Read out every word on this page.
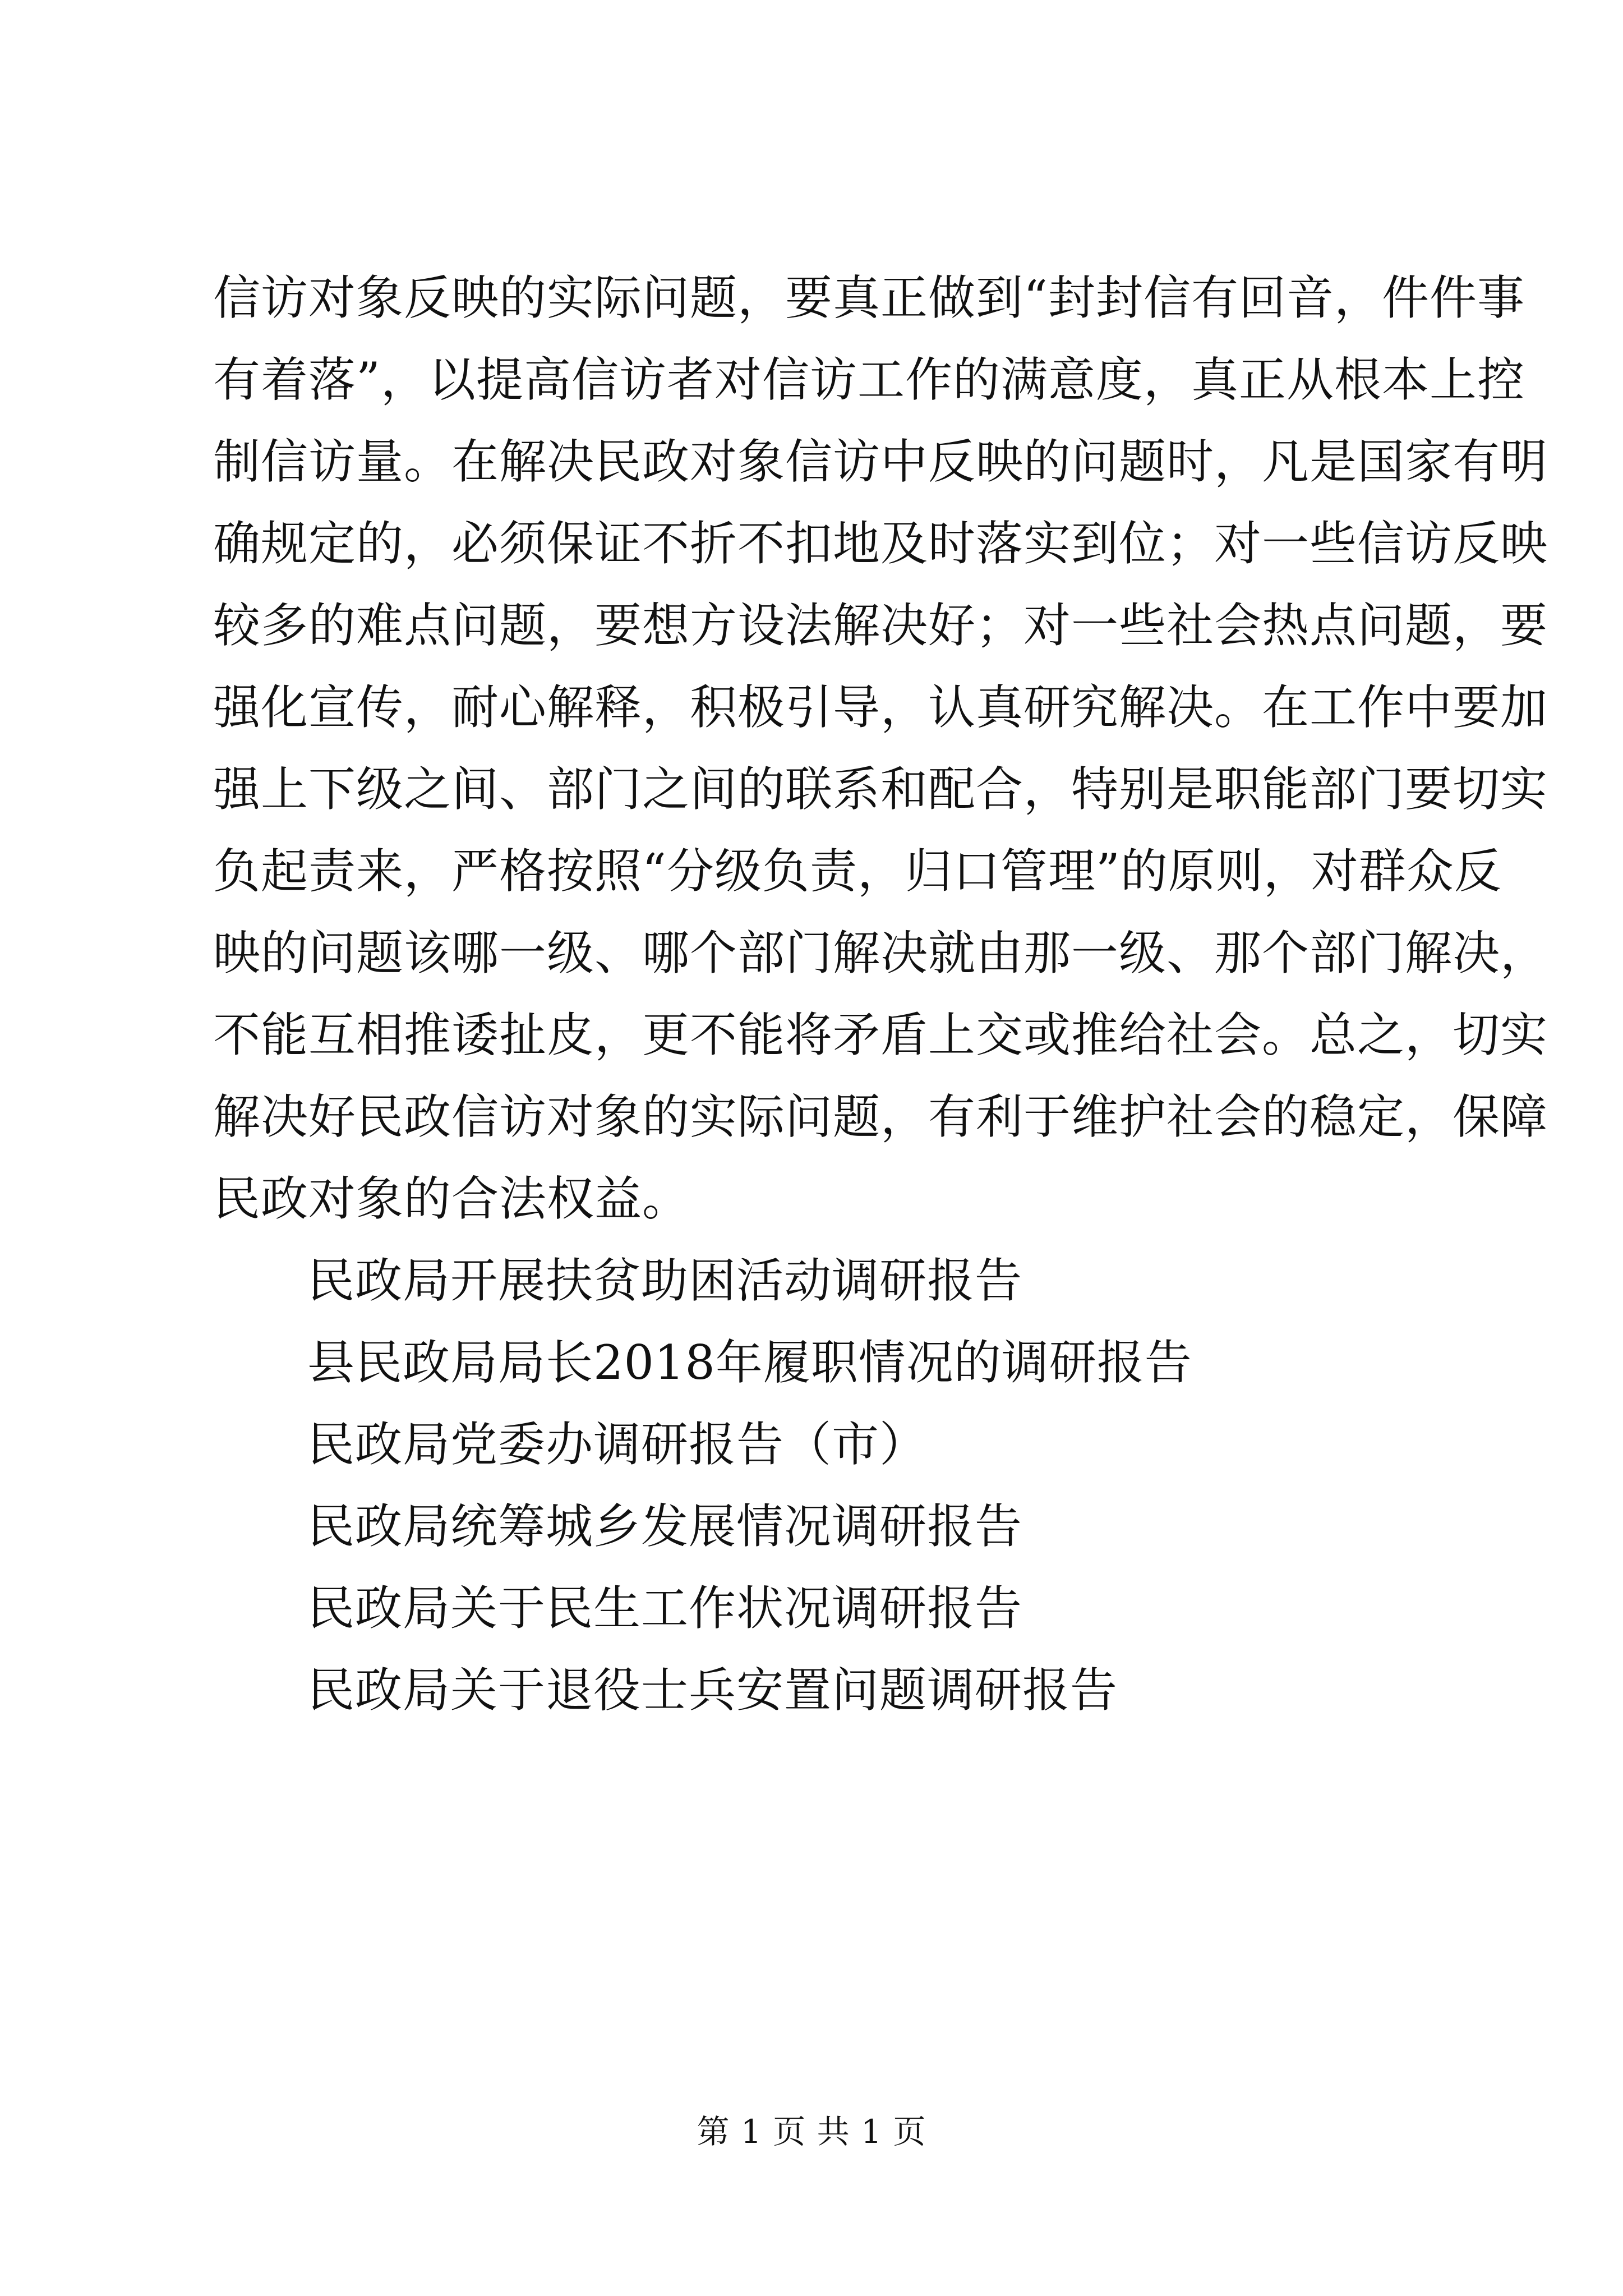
信访对象反映的实际问题，要真正做到“封封信有回音，件件事
有着落”，以提高信访者对信访工作的满意度，真正从根本上控
制信访量。在解决民政对象信访中反映的问题时，凡是国家有明
确规定的，必须保证不折不扣地及时落实到位；对一些信访反映
较多的难点问题，要想方设法解决好；对一些社会热点问题，要
强化宣传，耐心解释，积极引导，认真研究解决。在工作中要加
强上下级之间、部门之间的联系和配合，特别是职能部门要切实
负起责来，严格按照“分级负责，归口管理”的原则，对群众反
映的问题该哪一级、哪个部门解决就由那一级、那个部门解决，
不能互相推诿扯皮，更不能将矛盾上交或推给社会。总之，切实
解决好民政信访对象的实际问题，有利于维护社会的稳定，保障
民政对象的合法权益。
民政局开展扶贫助困活动调研报告
县民政局局长2018年履职情况的调研报告
民政局党委办调研报告（市）
民政局统筹城乡发展情况调研报告
民政局关于民生工作状况调研报告
民政局关于退役士兵安置问题调研报告
第 1 页 共 1 页
